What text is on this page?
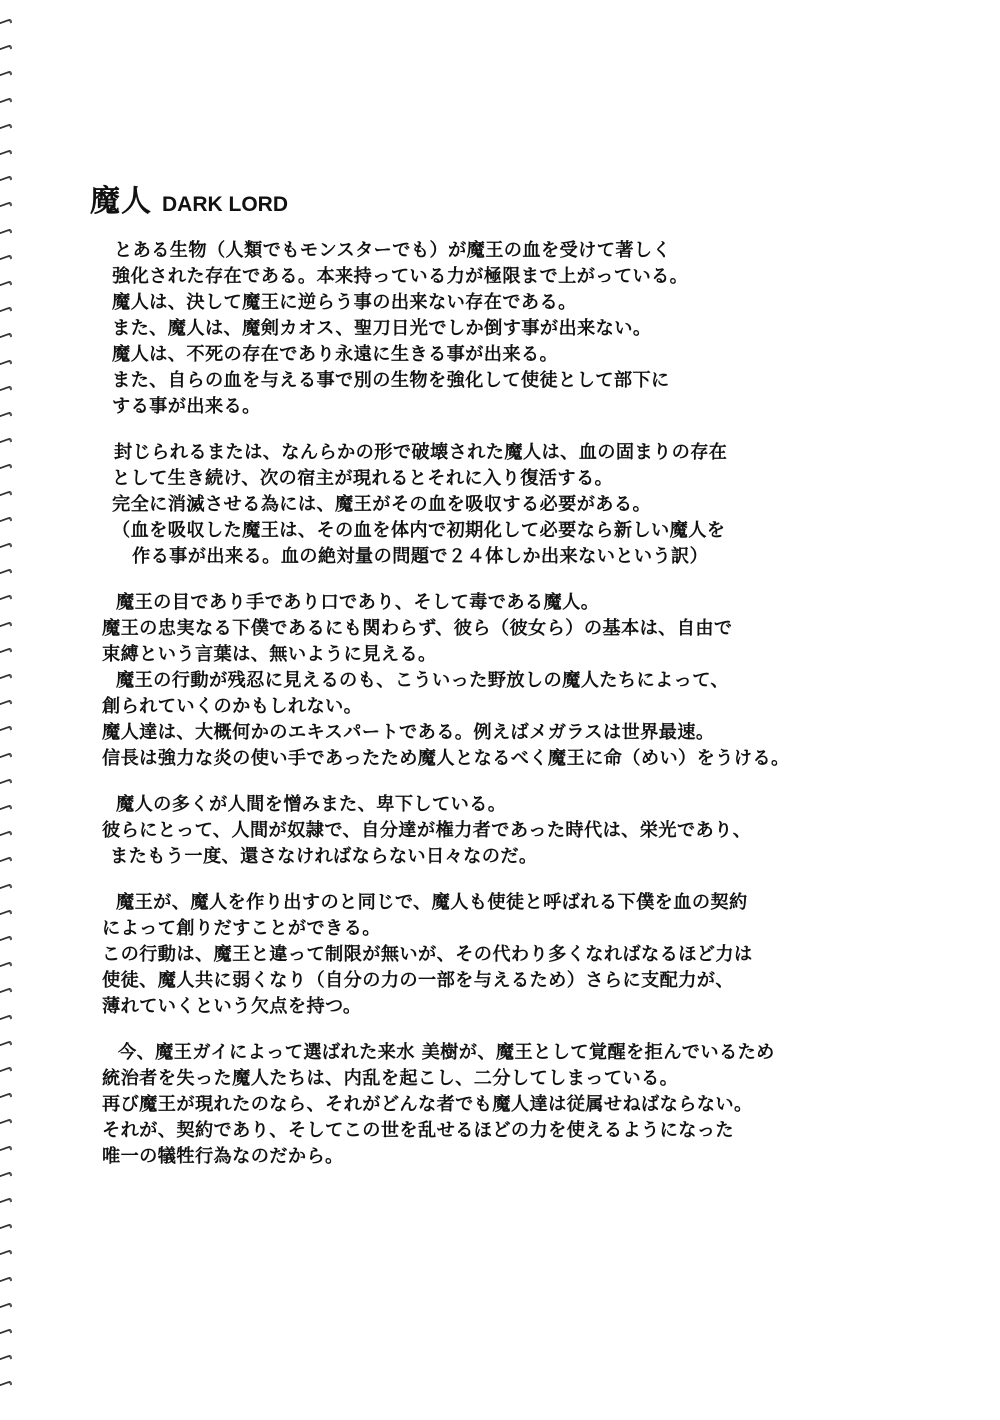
魔人 DARK LORD
とある生物（人類でもモンスターでも）が魔王の血を受けて著しく
強化された存在である。本来持っている力が極限まで上がっている。
魔人は、決して魔王に逆らう事の出来ない存在である。
また、魔人は、魔剣カオス、聖刀日光でしか倒す事が出来ない。
魔人は、不死の存在であり永遠に生きる事が出来る。
また、自らの血を与える事で別の生物を強化して使徒として部下に
する事が出来る。
封じられるまたは、なんらかの形で破壊された魔人は、血の固まりの存在
として生き続け、次の宿主が現れるとそれに入り復活する。
完全に消滅させる為には、魔王がその血を吸収する必要がある。
（血を吸収した魔王は、その血を体内で初期化して必要なら新しい魔人を
作る事が出来る。血の絶対量の問題で２４体しか出来ないという訳）
魔王の目であり手であり口であり、そして毒である魔人。
魔王の忠実なる下僕であるにも関わらず、彼ら（彼女ら）の基本は、自由で
束縛という言葉は、無いように見える。
魔王の行動が残忍に見えるのも、こういった野放しの魔人たちによって、
創られていくのかもしれない。
魔人達は、大概何かのエキスパートである。例えばメガラスは世界最速。
信長は強力な炎の使い手であったため魔人となるべく魔王に命（めい）をうける。
魔人の多くが人間を憎みまた、卑下している。
彼らにとって、人間が奴隷で、自分達が権力者であった時代は、栄光であり、
またもう一度、還さなければならない日々なのだ。
魔王が、魔人を作り出すのと同じで、魔人も使徒と呼ばれる下僕を血の契約
によって創りだすことができる。
この行動は、魔王と違って制限が無いが、その代わり多くなればなるほど力は
使徒、魔人共に弱くなり（自分の力の一部を与えるため）さらに支配力が、
薄れていくという欠点を持つ。
今、魔王ガイによって選ばれた来水 美樹が、魔王として覚醒を拒んでいるため
統治者を失った魔人たちは、内乱を起こし、二分してしまっている。
再び魔王が現れたのなら、それがどんな者でも魔人達は従属せねばならない。
それが、契約であり、そしてこの世を乱せるほどの力を使えるようになった
唯一の犠牲行為なのだから。
